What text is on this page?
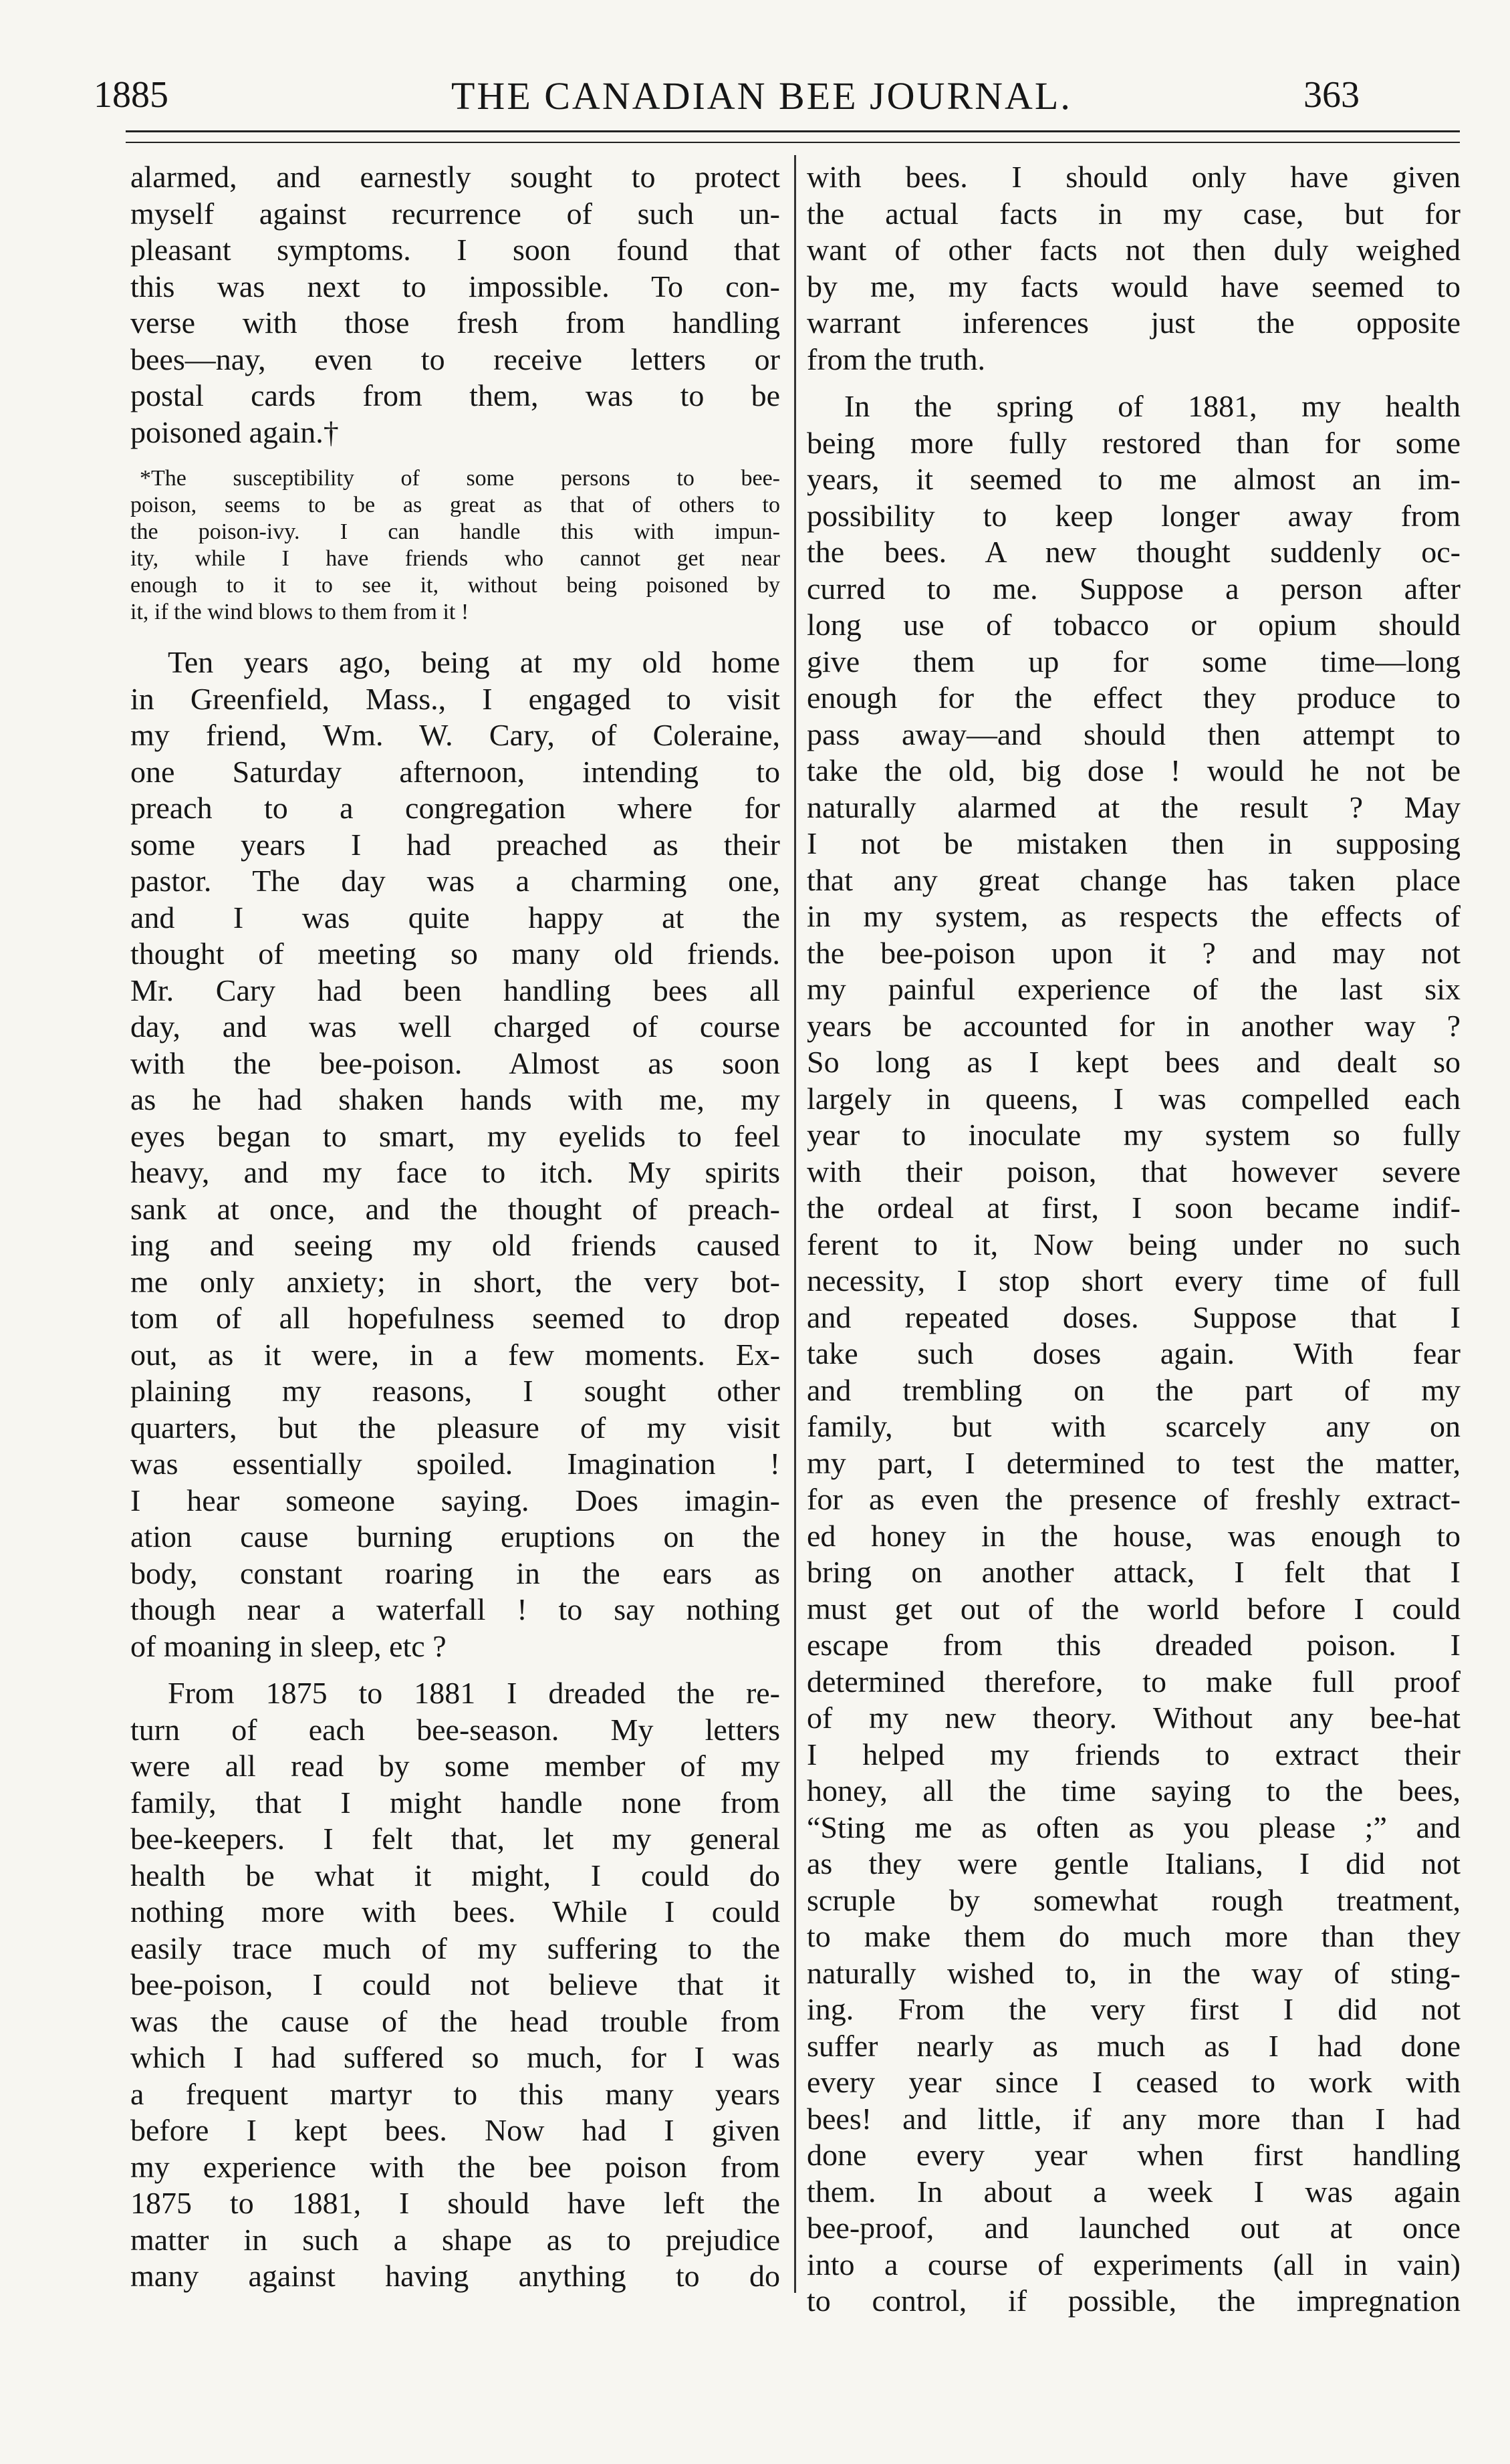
1885	THE CANADIAN BEE JOURNAL.	363
alarmed, and earnestly sought to protect
myself against recurrence of such un-
pleasant symptoms. I soon found that
this was next to impossible. To con-
verse with those fresh from handling
bees—nay, even to receive letters or
postal cards from them, was to be
poisoned again.†
*The susceptibility of some persons to bee-
poison, seems to be as great as that of others to
the poison-ivy. I can handle this with impun-
ity, while I have friends who cannot get near
enough to it to see it, without being poisoned by
it, if the wind blows to them from it !
Ten years ago, being at my old home
in Greenfield, Mass., I engaged to visit
my friend, Wm. W. Cary, of Coleraine,
one Saturday afternoon, intending to
preach to a congregation where for
some years I had preached as their
pastor. The day was a charming one,
and I was quite happy at the
thought of meeting so many old friends.
Mr. Cary had been handling bees all
day, and was well charged of course
with the bee-poison. Almost as soon
as he had shaken hands with me, my
eyes began to smart, my eyelids to feel
heavy, and my face to itch. My spirits
sank at once, and the thought of preach-
ing and seeing my old friends caused
me only anxiety; in short, the very bot-
tom of all hopefulness seemed to drop
out, as it were, in a few moments. Ex-
plaining my reasons, I sought other
quarters, but the pleasure of my visit
was essentially spoiled. Imagination !
I hear someone saying. Does imagin-
ation cause burning eruptions on the
body, constant roaring in the ears as
though near a waterfall ! to say nothing
of moaning in sleep, etc ?
From 1875 to 1881 I dreaded the re-
turn of each bee-season. My letters
were all read by some member of my
family, that I might handle none from
bee-keepers. I felt that, let my general
health be what it might, I could do
nothing more with bees. While I could
easily trace much of my suffering to the
bee-poison, I could not believe that it
was the cause of the head trouble from
which I had suffered so much, for I was
a frequent martyr to this many years
before I kept bees. Now had I given
my experience with the bee poison from
1875 to 1881, I should have left the
matter in such a shape as to prejudice
many against having anything to do
with bees. I should only have given
the actual facts in my case, but for
want of other facts not then duly weighed
by me, my facts would have seemed to
warrant inferences just the opposite
from the truth.
In the spring of 1881, my health
being more fully restored than for some
years, it seemed to me almost an im-
possibility to keep longer away from
the bees. A new thought suddenly oc-
curred to me. Suppose a person after
long use of tobacco or opium should
give them up for some time—long
enough for the effect they produce to
pass away—and should then attempt to
take the old, big dose ! would he not be
naturally alarmed at the result ? May
I not be mistaken then in supposing
that any great change has taken place
in my system, as respects the effects of
the bee-poison upon it ? and may not
my painful experience of the last six
years be accounted for in another way ?
So long as I kept bees and dealt so
largely in queens, I was compelled each
year to inoculate my system so fully
with their poison, that however severe
the ordeal at first, I soon became indif-
ferent to it, Now being under no such
necessity, I stop short every time of full
and repeated doses. Suppose that I
take such doses again. With fear
and trembling on the part of my
family, but with scarcely any on
my part, I determined to test the matter,
for as even the presence of freshly extract-
ed honey in the house, was enough to
bring on another attack, I felt that I
must get out of the world before I could
escape from this dreaded poison. I
determined therefore, to make full proof
of my new theory. Without any bee-hat
I helped my friends to extract their
honey, all the time saying to the bees,
“Sting me as often as you please ;” and
as they were gentle Italians, I did not
scruple by somewhat rough treatment,
to make them do much more than they
naturally wished to, in the way of sting-
ing. From the very first I did not
suffer nearly as much as I had done
every year since I ceased to work with
bees! and little, if any more than I had
done every year when first handling
them. In about a week I was again
bee-proof, and launched out at once
into a course of experiments (all in vain)
to control, if possible, the impregnation
